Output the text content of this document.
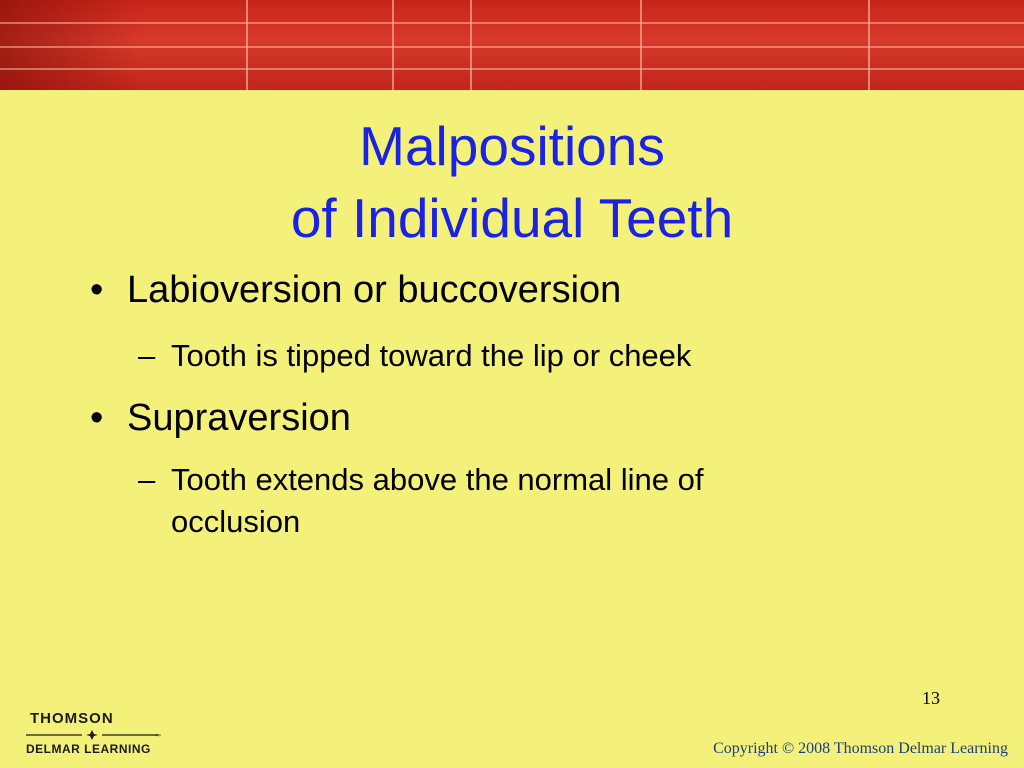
Malpositions
of Individual Teeth
• Labioversion or buccoversion
– Tooth is tipped toward the lip or cheek
• Supraversion
– Tooth extends above the normal line of
occlusion
13
THOMSON
™
DELMAR LEARNING	Copyright © 2008 Thomson Delmar Learning
